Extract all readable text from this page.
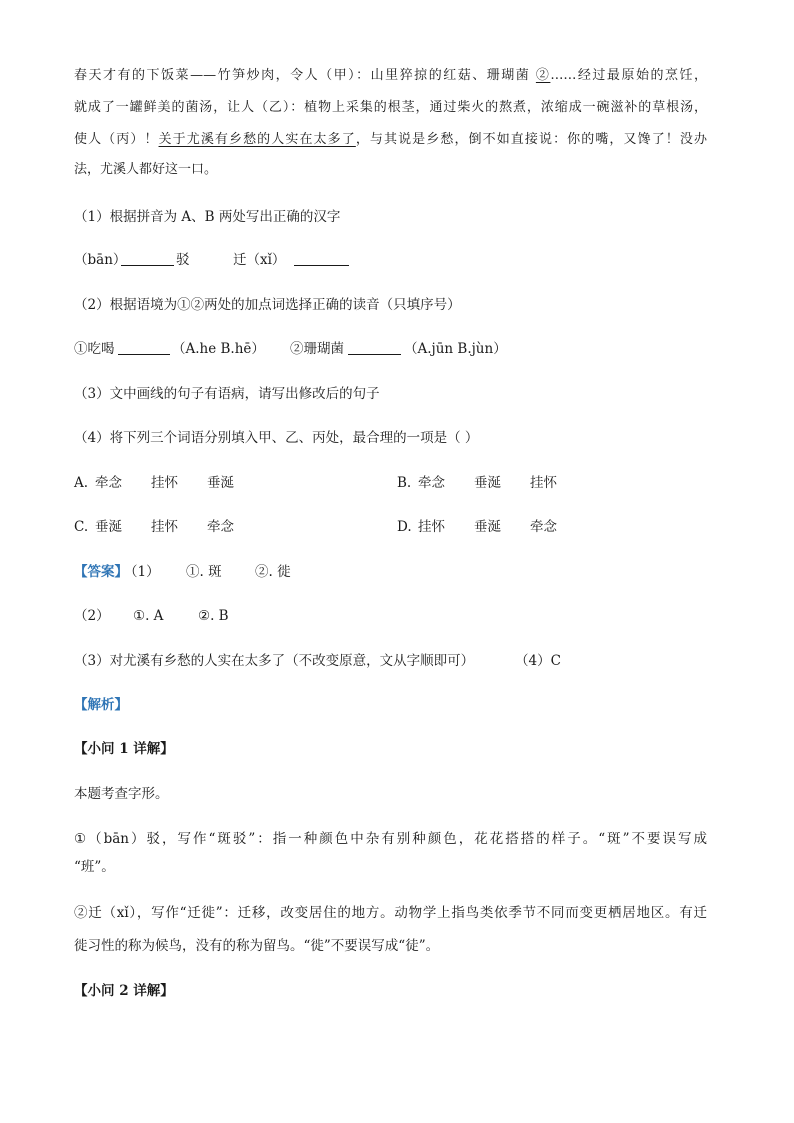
春天才有的下饭菜——竹笋炒肉，令人（甲）：山里猝掠的红菇、珊瑚菌 ②……经过最原始的烹饪，
就成了一罐鲜美的菌汤，让人（乙）：植物上采集的根茎，通过柴火的熬煮，浓缩成一碗滋补的草根汤，
使人（丙）！关于尤溪有乡愁的人实在太多了，与其说是乡愁，倒不如直接说：你的嘴，又馋了！没办
法，尤溪人都好这一口。
（1）根据拼音为 A、B 两处写出正确的汉字
（bān）	驳	迁（xǐ）
（2）根据语境为①②两处的加点词选择正确的读音（只填序号）
①吃喝	（A.he B.hē） ②珊瑚菌	（A.jūn B.jùn）
（3）文中画线的句子有语病，请写出修改后的句子
（4）将下列三个词语分别填入甲、乙、丙处，最合理的一项是（ ）
A. 牵念 挂怀 垂涎	B. 牵念 垂涎 挂怀
C. 垂涎 挂怀 牵念	D. 挂怀 垂涎 牵念
【答案】
（1） ①. 斑 ②. 徙
（2） ①. A	②. B
（3）对尤溪有乡愁的人实在太多了（不改变原意，文从字顺即可）	（4）C
【解析】
【小问 1 详解】
本题考查字形。
①（bān）驳，写作“斑驳”：指一种颜色中杂有别种颜色，花花搭搭的样子。“斑”不要误写成
“班”。
②迁（xǐ），写作“迁徙”：迁移，改变居住的地方。动物学上指鸟类依季节不同而变更栖居地区。有迁
徙习性的称为候鸟，没有的称为留鸟。“徙”不要误写成“徒”。
【小问 2 详解】
